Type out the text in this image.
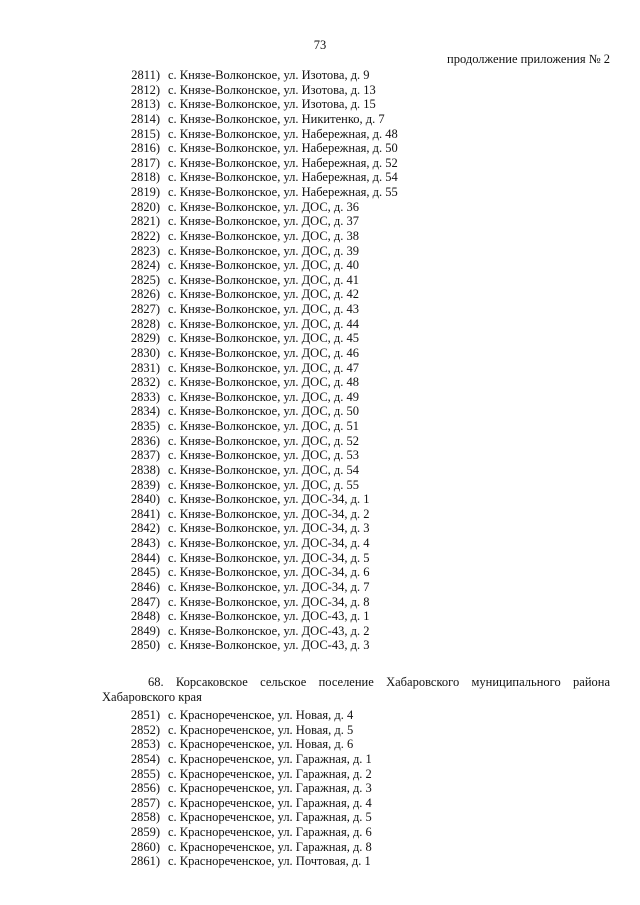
73
продолжение приложения № 2
2811) с. Князе-Волконское, ул. Изотова, д. 9
2812) с. Князе-Волконское, ул. Изотова, д. 13
2813) с. Князе-Волконское, ул. Изотова, д. 15
2814) с. Князе-Волконское, ул. Никитенко, д. 7
2815) с. Князе-Волконское, ул. Набережная, д. 48
2816) с. Князе-Волконское, ул. Набережная, д. 50
2817) с. Князе-Волконское, ул. Набережная, д. 52
2818) с. Князе-Волконское, ул. Набережная, д. 54
2819) с. Князе-Волконское, ул. Набережная, д. 55
2820) с. Князе-Волконское, ул. ДОС, д. 36
2821) с. Князе-Волконское, ул. ДОС, д. 37
2822) с. Князе-Волконское, ул. ДОС, д. 38
2823) с. Князе-Волконское, ул. ДОС, д. 39
2824) с. Князе-Волконское, ул. ДОС, д. 40
2825) с. Князе-Волконское, ул. ДОС, д. 41
2826) с. Князе-Волконское, ул. ДОС, д. 42
2827) с. Князе-Волконское, ул. ДОС, д. 43
2828) с. Князе-Волконское, ул. ДОС, д. 44
2829) с. Князе-Волконское, ул. ДОС, д. 45
2830) с. Князе-Волконское, ул. ДОС, д. 46
2831) с. Князе-Волконское, ул. ДОС, д. 47
2832) с. Князе-Волконское, ул. ДОС, д. 48
2833) с. Князе-Волконское, ул. ДОС, д. 49
2834) с. Князе-Волконское, ул. ДОС, д. 50
2835) с. Князе-Волконское, ул. ДОС, д. 51
2836) с. Князе-Волконское, ул. ДОС, д. 52
2837) с. Князе-Волконское, ул. ДОС, д. 53
2838) с. Князе-Волконское, ул. ДОС, д. 54
2839) с. Князе-Волконское, ул. ДОС, д. 55
2840) с. Князе-Волконское, ул. ДОС-34, д. 1
2841) с. Князе-Волконское, ул. ДОС-34, д. 2
2842) с. Князе-Волконское, ул. ДОС-34, д. 3
2843) с. Князе-Волконское, ул. ДОС-34, д. 4
2844) с. Князе-Волконское, ул. ДОС-34, д. 5
2845) с. Князе-Волконское, ул. ДОС-34, д. 6
2846) с. Князе-Волконское, ул. ДОС-34, д. 7
2847) с. Князе-Волконское, ул. ДОС-34, д. 8
2848) с. Князе-Волконское, ул. ДОС-43, д. 1
2849) с. Князе-Волконское, ул. ДОС-43, д. 2
2850) с. Князе-Волконское, ул. ДОС-43, д. 3
68. Корсаковское сельское поселение Хабаровского муниципального района Хабаровского края
2851) с. Краснореченское, ул. Новая, д. 4
2852) с. Краснореченское, ул. Новая, д. 5
2853) с. Краснореченское, ул. Новая, д. 6
2854) с. Краснореченское, ул. Гаражная, д. 1
2855) с. Краснореченское, ул. Гаражная, д. 2
2856) с. Краснореченское, ул. Гаражная, д. 3
2857) с. Краснореченское, ул. Гаражная, д. 4
2858) с. Краснореченское, ул. Гаражная, д. 5
2859) с. Краснореченское, ул. Гаражная, д. 6
2860) с. Краснореченское, ул. Гаражная, д. 8
2861) с. Краснореченское, ул. Почтовая, д. 1
